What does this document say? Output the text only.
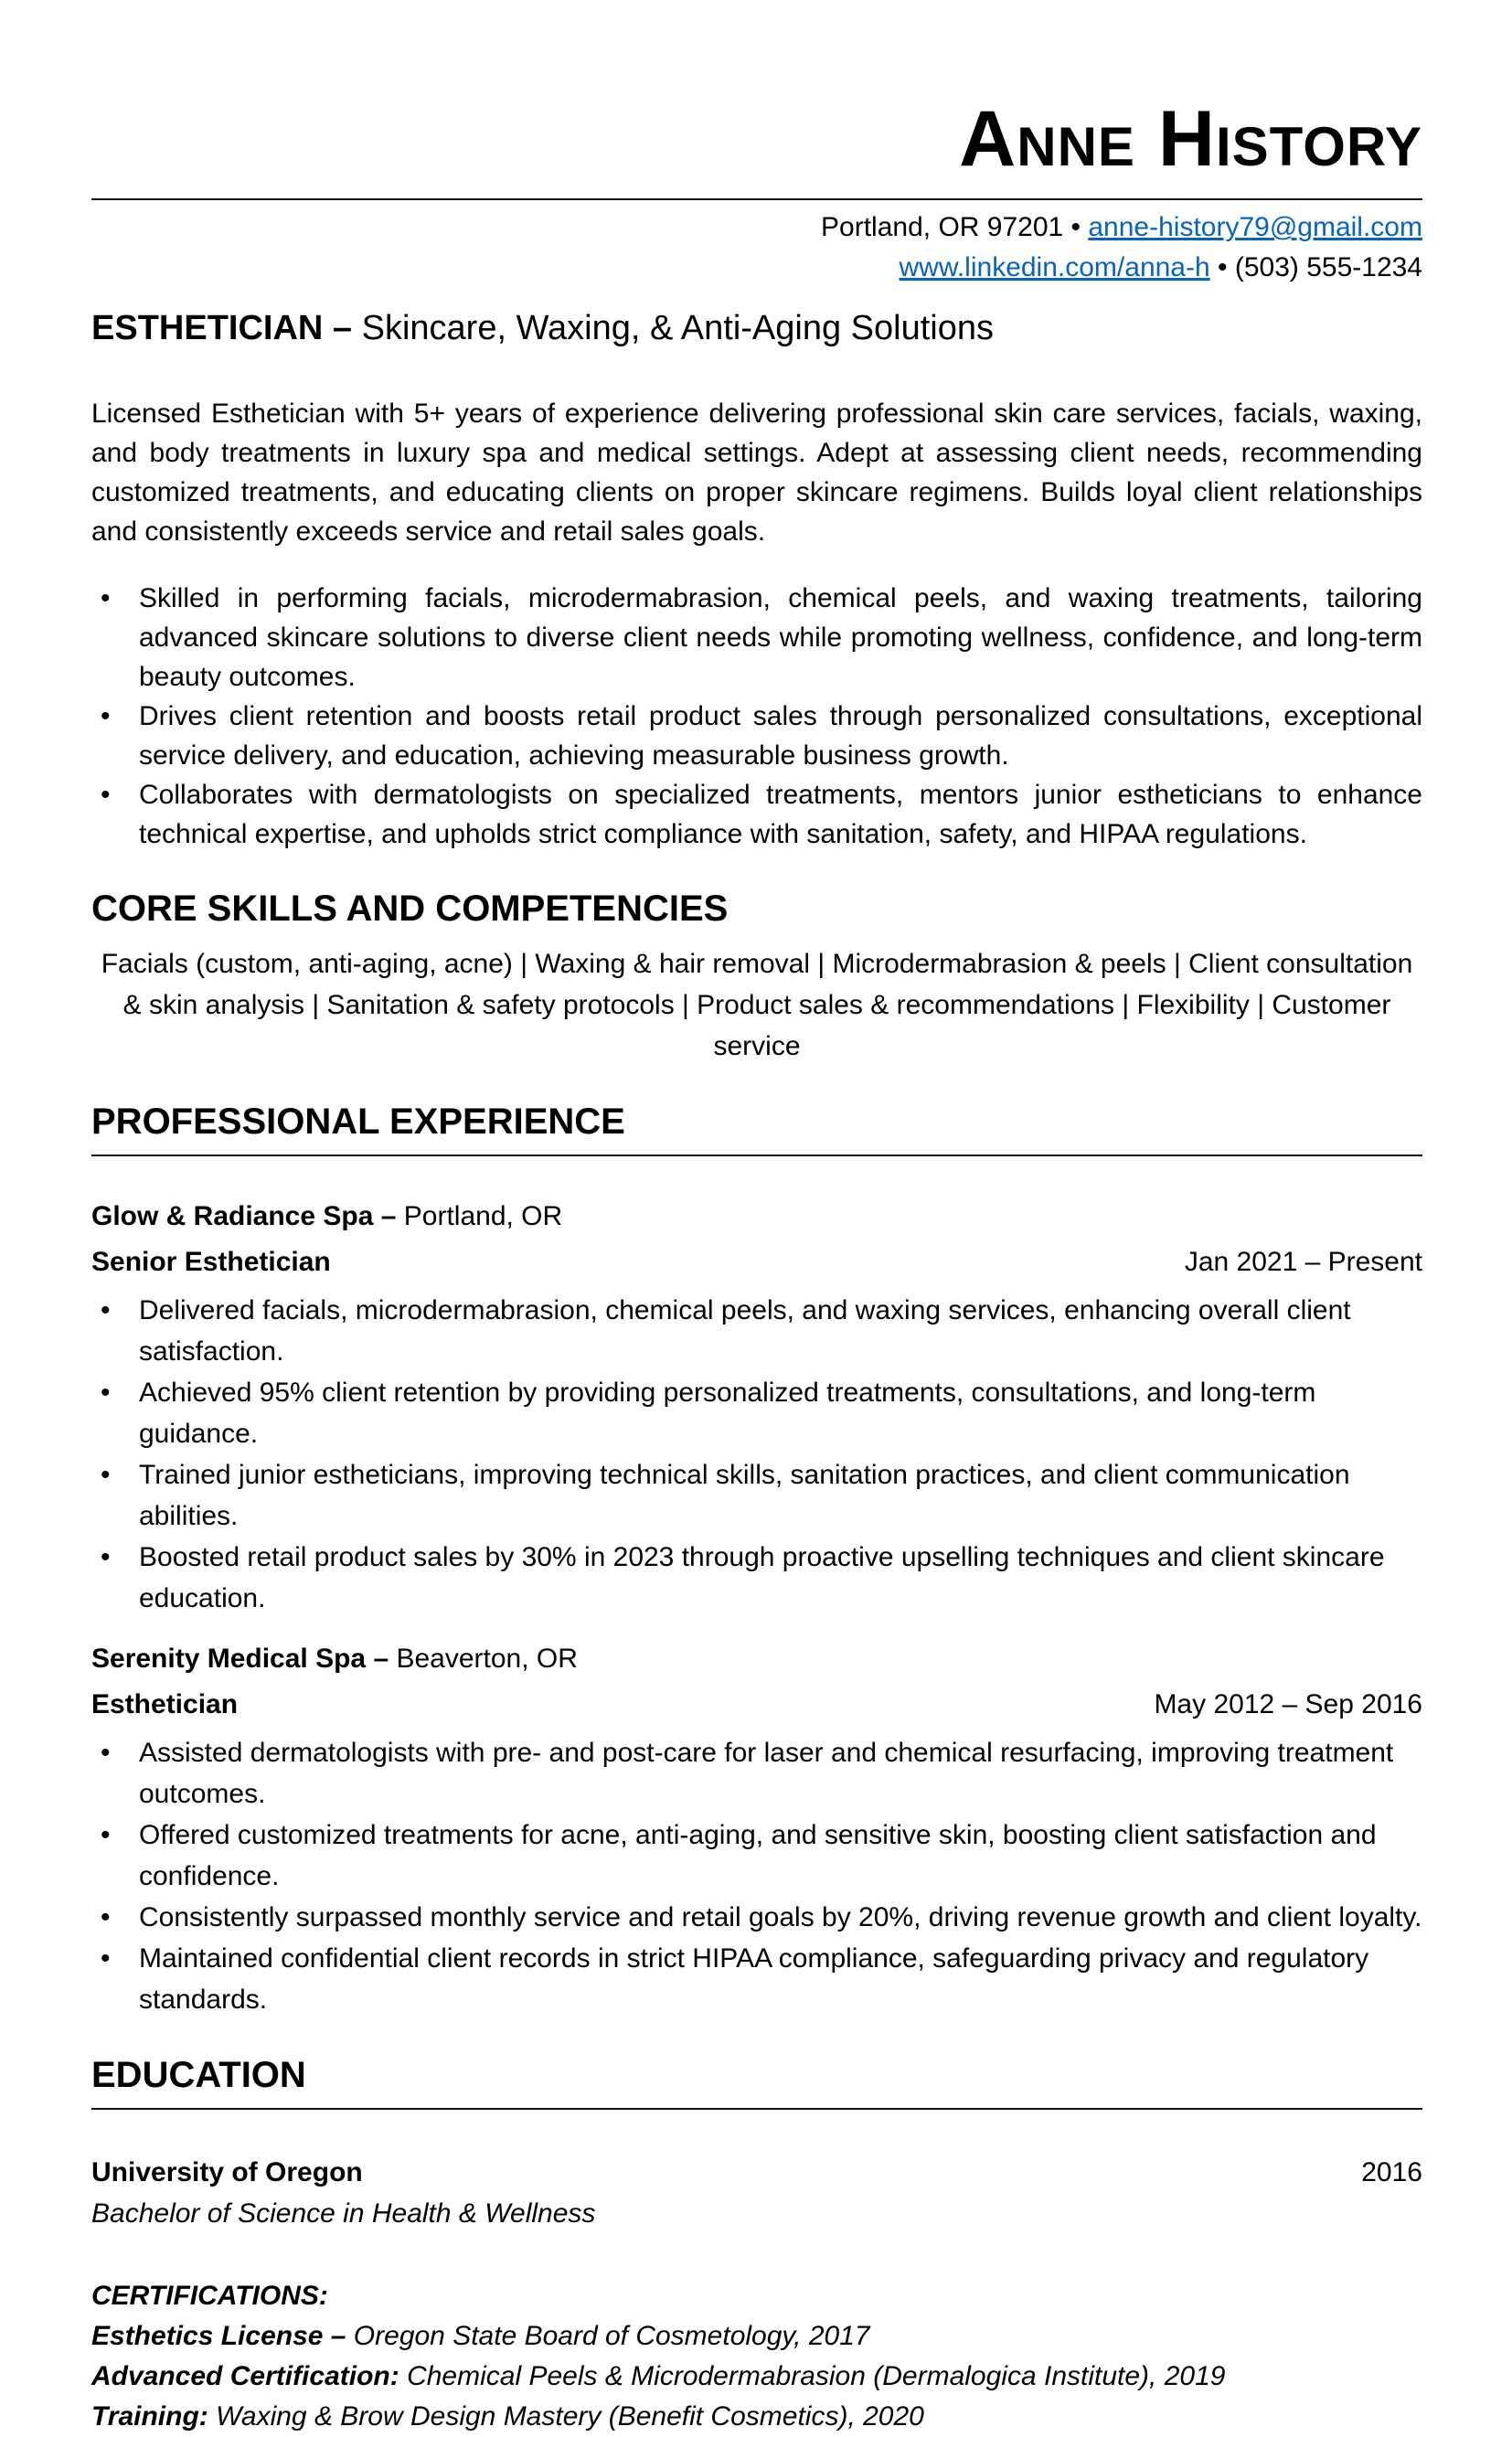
Anne History
Portland, OR 97201 • anne-history79@gmail.com
www.linkedin.com/anna-h • (503) 555-1234
ESTHETICIAN – Skincare, Waxing, & Anti-Aging Solutions

Licensed Esthetician with 5+ years of experience delivering professional skin care services, facials, waxing, and body treatments in luxury spa and medical settings. Adept at assessing client needs, recommending customized treatments, and educating clients on proper skincare regimens. Builds loyal client relationships and consistently exceeds service and retail sales goals.

• Skilled in performing facials, microdermabrasion, chemical peels, and waxing treatments, tailoring advanced skincare solutions to diverse client needs while promoting wellness, confidence, and long-term beauty outcomes.
• Drives client retention and boosts retail product sales through personalized consultations, exceptional service delivery, and education, achieving measurable business growth.
• Collaborates with dermatologists on specialized treatments, mentors junior estheticians to enhance technical expertise, and upholds strict compliance with sanitation, safety, and HIPAA regulations.
CORE SKILLS AND COMPETENCIES

Facials (custom, anti-aging, acne) | Waxing & hair removal | Microdermabrasion & peels | Client consultation & skin analysis | Sanitation & safety protocols | Product sales & recommendations | Flexibility | Customer service

PROFESSIONAL EXPERIENCE
Glow & Radiance Spa – Portland, OR
Senior Esthetician	Jan 2021 – Present
• Delivered facials, microdermabrasion, chemical peels, and waxing services, enhancing overall client satisfaction.
• Achieved 95% client retention by providing personalized treatments, consultations, and long-term guidance.
• Trained junior estheticians, improving technical skills, sanitation practices, and client communication abilities.
• Boosted retail product sales by 30% in 2023 through proactive upselling techniques and client skincare education.
Serenity Medical Spa – Beaverton, OR
Esthetician	May 2012 – Sep 2016
• Assisted dermatologists with pre- and post-care for laser and chemical resurfacing, improving treatment outcomes.
• Offered customized treatments for acne, anti-aging, and sensitive skin, boosting client satisfaction and confidence.
• Consistently surpassed monthly service and retail goals by 20%, driving revenue growth and client loyalty.
• Maintained confidential client records in strict HIPAA compliance, safeguarding privacy and regulatory standards.
EDUCATION
University of Oregon	2016
Bachelor of Science in Health & Wellness
CERTIFICATIONS:
Esthetics License – Oregon State Board of Cosmetology, 2017
Advanced Certification: Chemical Peels & Microdermabrasion (Dermalogica Institute), 2019
Training: Waxing & Brow Design Mastery (Benefit Cosmetics), 2020
